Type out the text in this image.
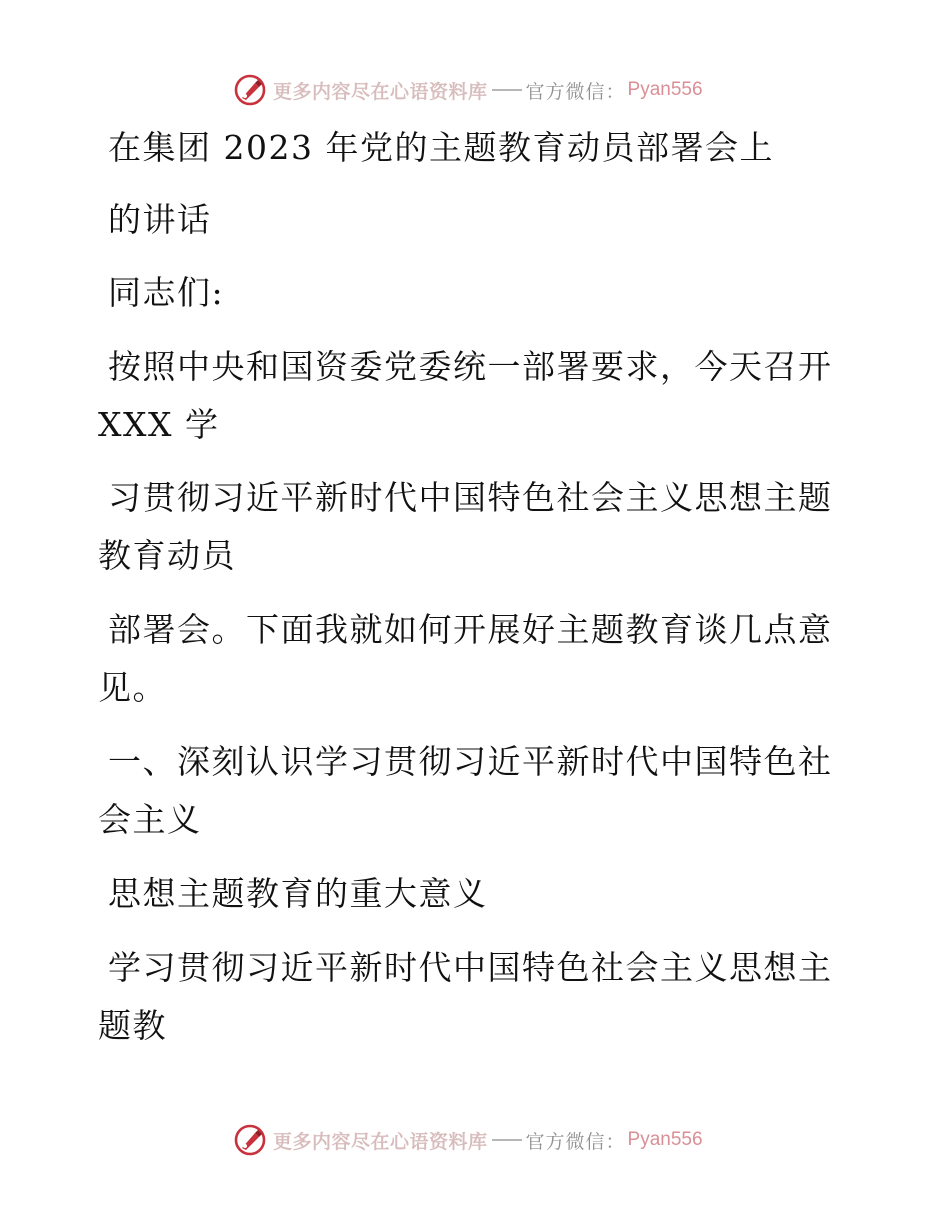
更多内容尽在心语资料库 官方微信： Pyan556
在集团 2023 年党的主题教育动员部署会上
的讲话
同志们:
按照中央和国资委党委统一部署要求，今天召开
XXX 学
习贯彻习近平新时代中国特色社会主义思想主题
教育动员
部署会。下面我就如何开展好主题教育谈几点意
见。
一、深刻认识学习贯彻习近平新时代中国特色社
会主义
思想主题教育的重大意义
学习贯彻习近平新时代中国特色社会主义思想主
题教
更多内容尽在心语资料库 官方微信： Pyan556
